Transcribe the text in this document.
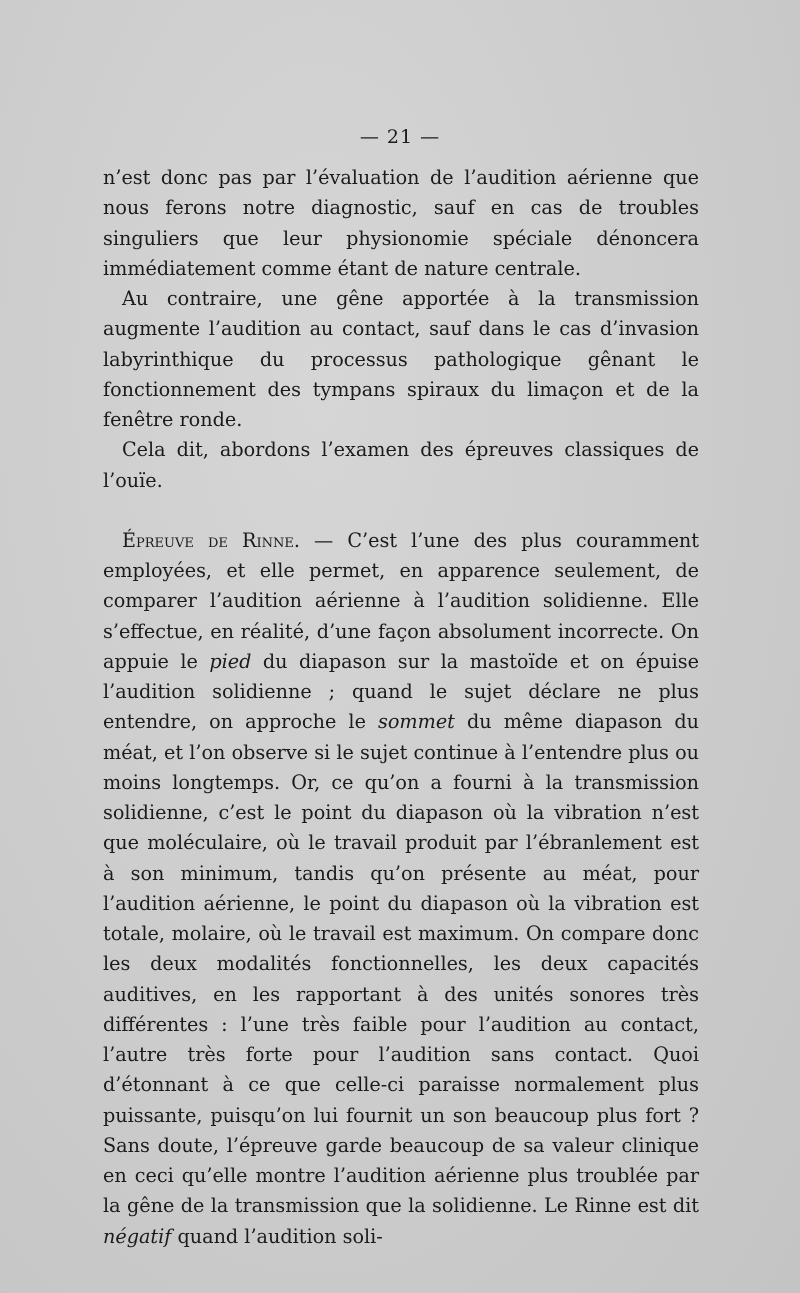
— 21 —

n’est donc pas par l’évaluation de l’audition aérienne que nous ferons notre diagnostic, sauf en cas de troubles singuliers que leur physionomie spéciale dénoncera immédiatement comme étant de nature centrale.

Au contraire, une gêne apportée à la transmission augmente l’audition au contact, sauf dans le cas d’invasion labyrinthique du processus pathologique gênant le fonctionnement des tympans spiraux du limaçon et de la fenêtre ronde.

Cela dit, abordons l’examen des épreuves classiques de l’ouïe.

Épreuve de Rinne. — C’est l’une des plus couramment employées, et elle permet, en apparence seulement, de comparer l’audition aérienne à l’audition solidienne. Elle s’effectue, en réalité, d’une façon absolument incorrecte. On appuie le pied du diapason sur la mastoïde et on épuise l’audition solidienne ; quand le sujet déclare ne plus entendre, on approche le sommet du même diapason du méat, et l’on observe si le sujet continue à l’entendre plus ou moins longtemps. Or, ce qu’on a fourni à la transmission solidienne, c’est le point du diapason où la vibration n’est que moléculaire, où le travail produit par l’ébranlement est à son minimum, tandis qu’on présente au méat, pour l’audition aérienne, le point du diapason où la vibration est totale, molaire, où le travail est maximum. On compare donc les deux modalités fonctionnelles, les deux capacités auditives, en les rapportant à des unités sonores très différentes : l’une très faible pour l’audition au contact, l’autre très forte pour l’audition sans contact. Quoi d’étonnant à ce que celle-ci paraisse normalement plus puissante, puisqu’on lui fournit un son beaucoup plus fort ? Sans doute, l’épreuve garde beaucoup de sa valeur clinique en ceci qu’elle montre l’audition aérienne plus troublée par la gêne de la transmission que la solidienne. Le Rinne est dit négatif quand l’audition soli-
